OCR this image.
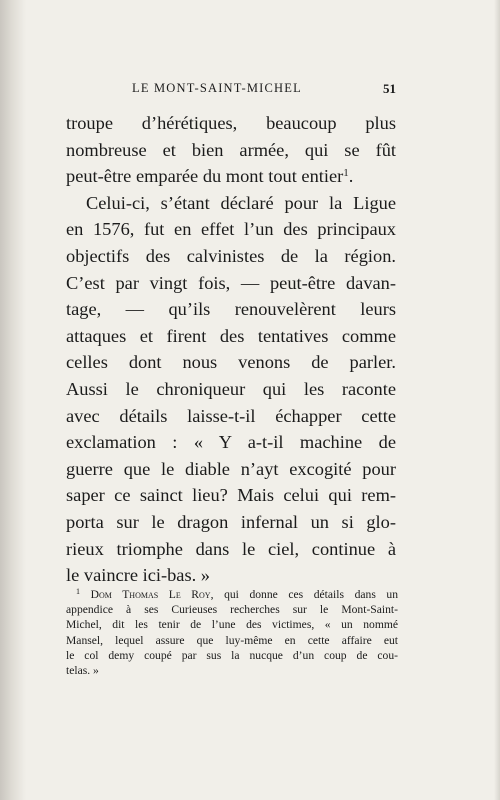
LE MONT-SAINT-MICHEL	51
troupe d’hérétiques, beaucoup plus
nombreuse et bien armée, qui se fût
peut-être emparée du mont tout entier$^1$.
Celui-ci, s’étant déclaré pour la Ligue
en 1576, fut en effet l’un des principaux
objectifs des calvinistes de la région.
C’est par vingt fois, — peut-être davan-
tage, — qu’ils renouvelèrent leurs
attaques et firent des tentatives comme
celles dont nous venons de parler.
Aussi le chroniqueur qui les raconte
avec détails laisse-t-il échapper cette
exclamation : « Y a-t-il machine de
guerre que le diable n’ayt excogité pour
saper ce sainct lieu? Mais celui qui rem-
porta sur le dragon infernal un si glo-
rieux triomphe dans le ciel, continue à
le vaincre ici-bas. »
$^1$ Dom Thomas Le Roy, qui donne ces détails dans un
appendice à ses Curieuses recherches sur le Mont-Saint-
Michel, dit les tenir de l’une des victimes, « un nommé
Mansel, lequel assure que luy-même en cette affaire eut
le col demy coupé par sus la nucque d’un coup de cou-
telas. »
